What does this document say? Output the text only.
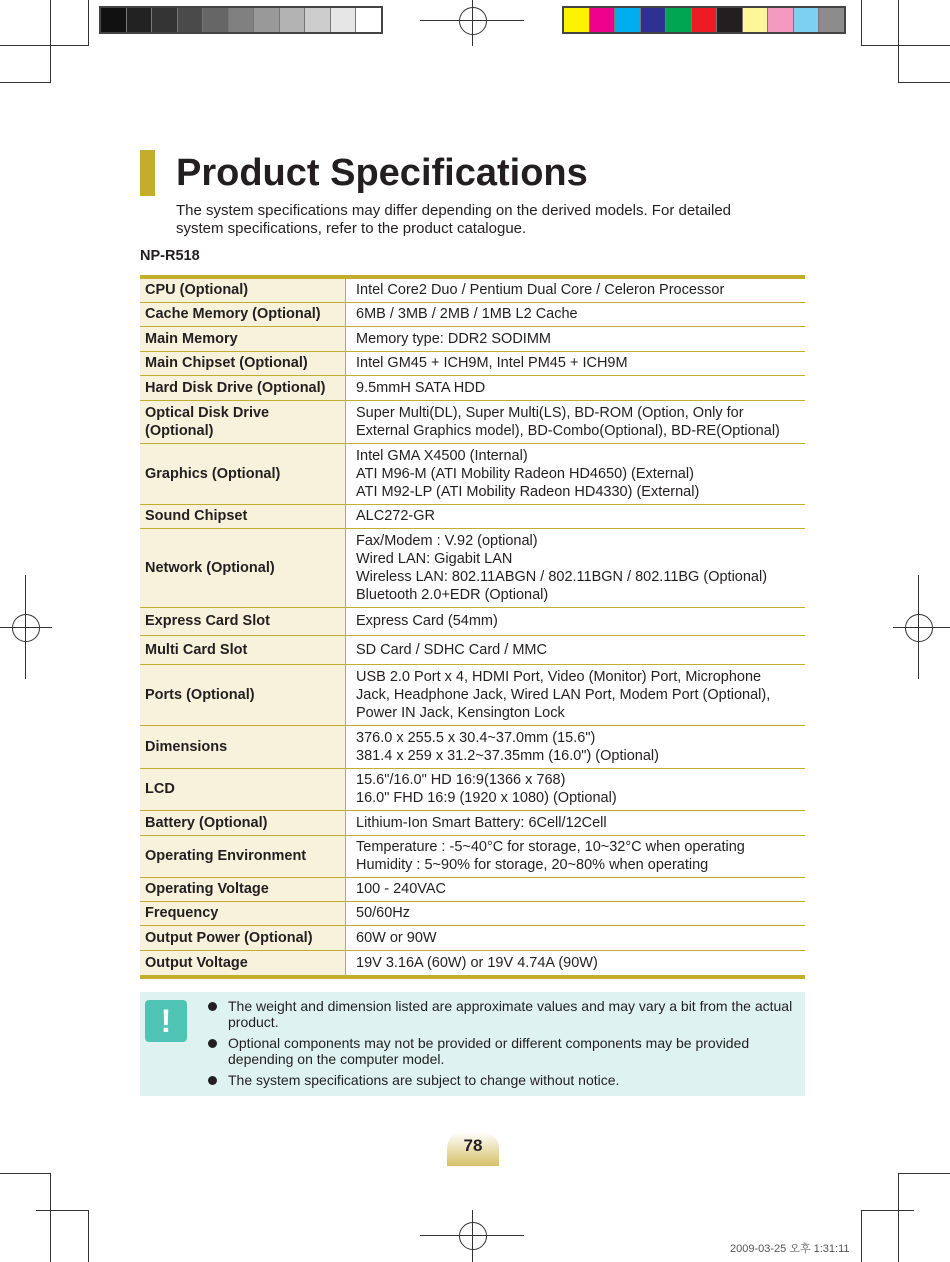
Product Specifications

The system specifications may differ depending on the derived models. For detailed system specifications, refer to the product catalogue.

NP-R518
CPU (Optional)	Intel Core2 Duo / Pentium Dual Core / Celeron Processor

Cache Memory (Optional)	6MB / 3MB / 2MB / 1MB L2 Cache

Main Memory	Memory type: DDR2 SODIMM

Main Chipset (Optional)	Intel GM45 + ICH9M, Intel PM45 + ICH9M

Hard Disk Drive (Optional)	9.5mmH SATA HDD

Optical Disk Drive (Optional)	Super Multi(DL), Super Multi(LS), BD-ROM (Option, Only for
External Graphics model), BD-Combo(Optional), BD-RE(Optional)

Graphics (Optional)	Intel GMA X4500 (Internal)
ATI M96-M (ATI Mobility Radeon HD4650) (External)
ATI M92-LP (ATI Mobility Radeon HD4330) (External)

Sound Chipset	ALC272-GR

Network (Optional)	Fax/Modem : V.92 (optional)
Wired LAN: Gigabit LAN
Wireless LAN: 802.11ABGN / 802.11BGN / 802.11BG (Optional)
Bluetooth 2.0+EDR (Optional)

Express Card Slot	Express Card (54mm)

Multi Card Slot	SD Card / SDHC Card / MMC

Ports (Optional)	USB 2.0 Port x 4, HDMI Port, Video (Monitor) Port, Microphone
Jack, Headphone Jack, Wired LAN Port, Modem Port (Optional),
Power IN Jack, Kensington Lock

Dimensions	376.0 x 255.5 x 30.4~37.0mm (15.6")
381.4 x 259 x 31.2~37.35mm (16.0") (Optional)

LCD	15.6"/16.0" HD 16:9(1366 x 768)
16.0" FHD 16:9 (1920 x 1080) (Optional)

Battery (Optional)	Lithium-Ion Smart Battery: 6Cell/12Cell

Operating Environment	Temperature : -5~40°C for storage, 10~32°C when operating
Humidity : 5~90% for storage, 20~80% when operating

Operating Voltage	100 - 240VAC

Frequency	50/60Hz

Output Power (Optional)	60W or 90W

Output Voltage	19V 3.16A (60W) or 19V 4.74A (90W)
!	The weight and dimension listed are approximate values and may vary a bit from the actual product.
Optional components may not be provided or different components may be provided depending on the computer model.
The system specifications are subject to change without notice.
78
2009-03-25 오후 1:31:11
